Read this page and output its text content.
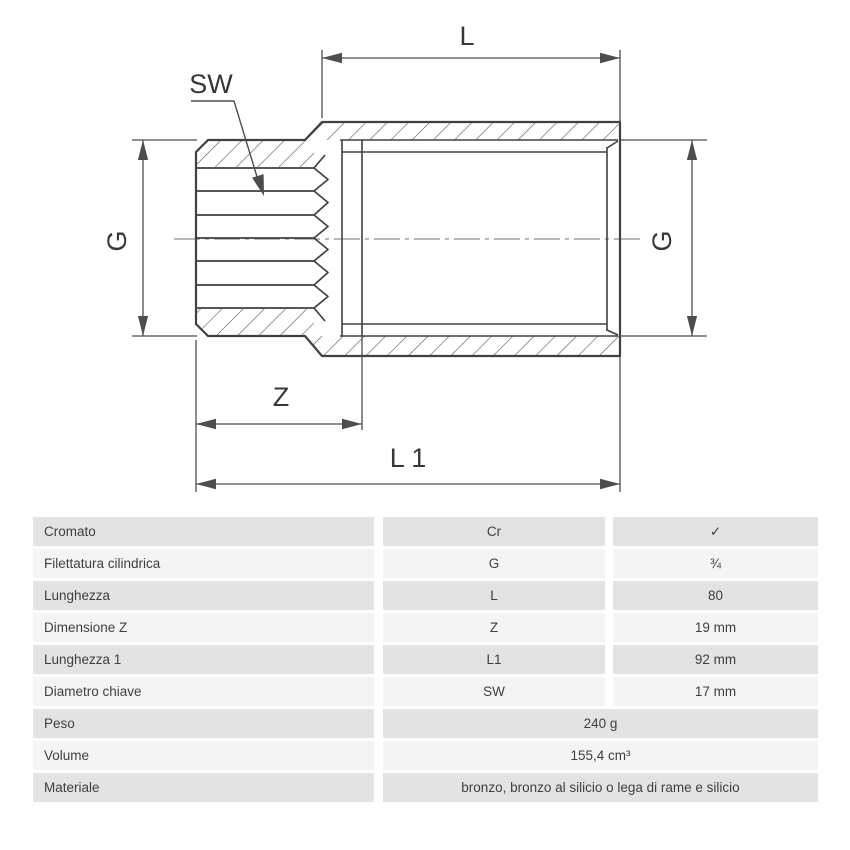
L
SW
G	G
Z
L 1
Cromato	Cr	✓
Filettatura cilindrica	G	¾
Lunghezza	L	80
Dimensione Z	Z	19 mm
Lunghezza 1	L1	92 mm
Diametro chiave	SW	17 mm
Peso	240 g
Volume	155,4 cm³
Materiale	bronzo, bronzo al silicio o lega di rame e silicio
